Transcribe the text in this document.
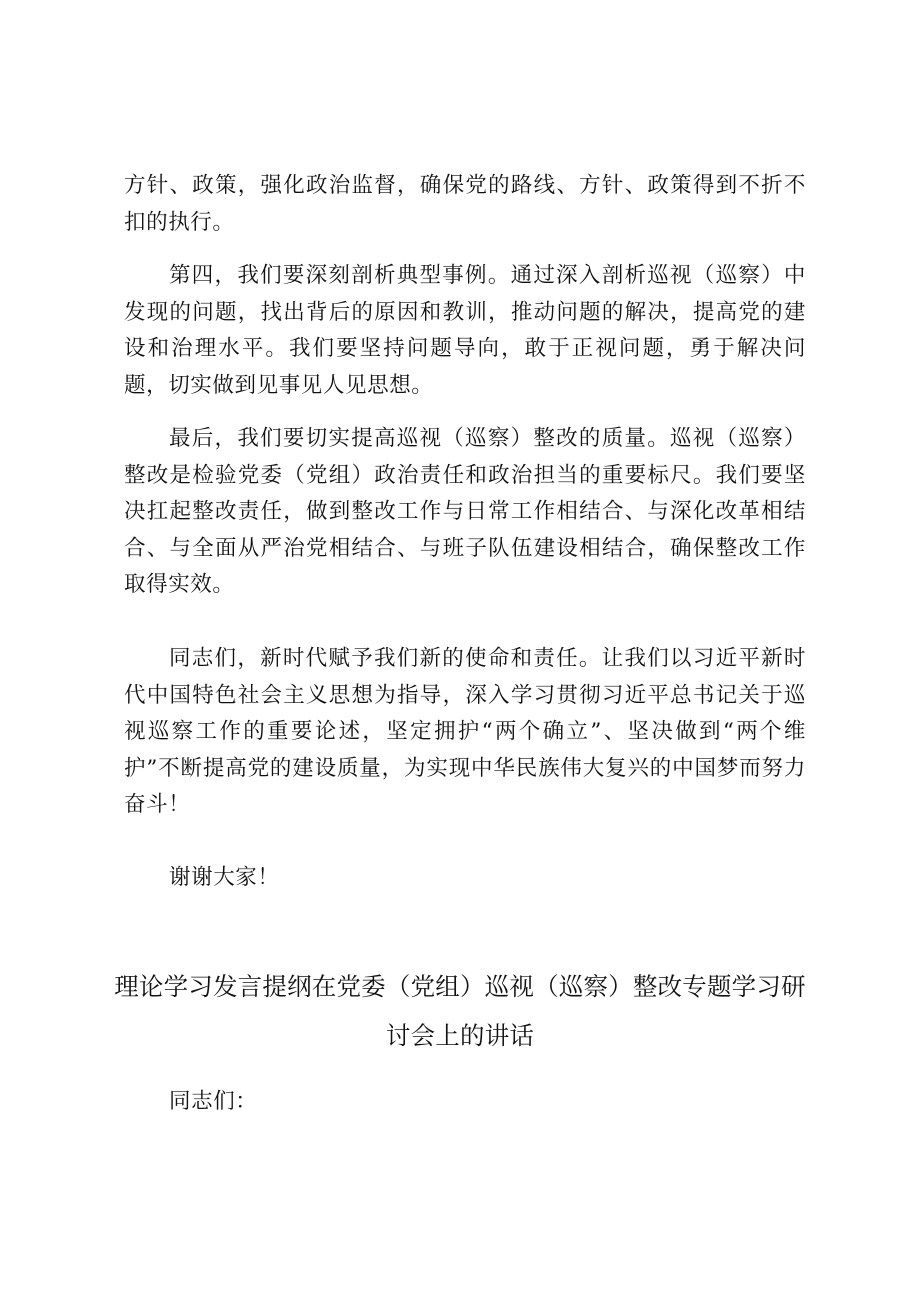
方针、政策，强化政治监督，确保党的路线、方针、政策得到不折不扣的执行。

第四，我们要深刻剖析典型事例。通过深入剖析巡视（巡察）中发现的问题，找出背后的原因和教训，推动问题的解决，提高党的建设和治理水平。我们要坚持问题导向，敢于正视问题，勇于解决问题，切实做到见事见人见思想。

最后，我们要切实提高巡视（巡察）整改的质量。巡视（巡察）整改是检验党委（党组）政治责任和政治担当的重要标尺。我们要坚决扛起整改责任，做到整改工作与日常工作相结合、与深化改革相结合、与全面从严治党相结合、与班子队伍建设相结合，确保整改工作取得实效。

同志们，新时代赋予我们新的使命和责任。让我们以习近平新时代中国特色社会主义思想为指导，深入学习贯彻习近平总书记关于巡视巡察工作的重要论述，坚定拥护“两个确立”、坚决做到“两个维护”不断提高党的建设质量，为实现中华民族伟大复兴的中国梦而努力奋斗！

谢谢大家！

理论学习发言提纲在党委（党组）巡视（巡察）整改专题学习研讨会上的讲话

同志们：
